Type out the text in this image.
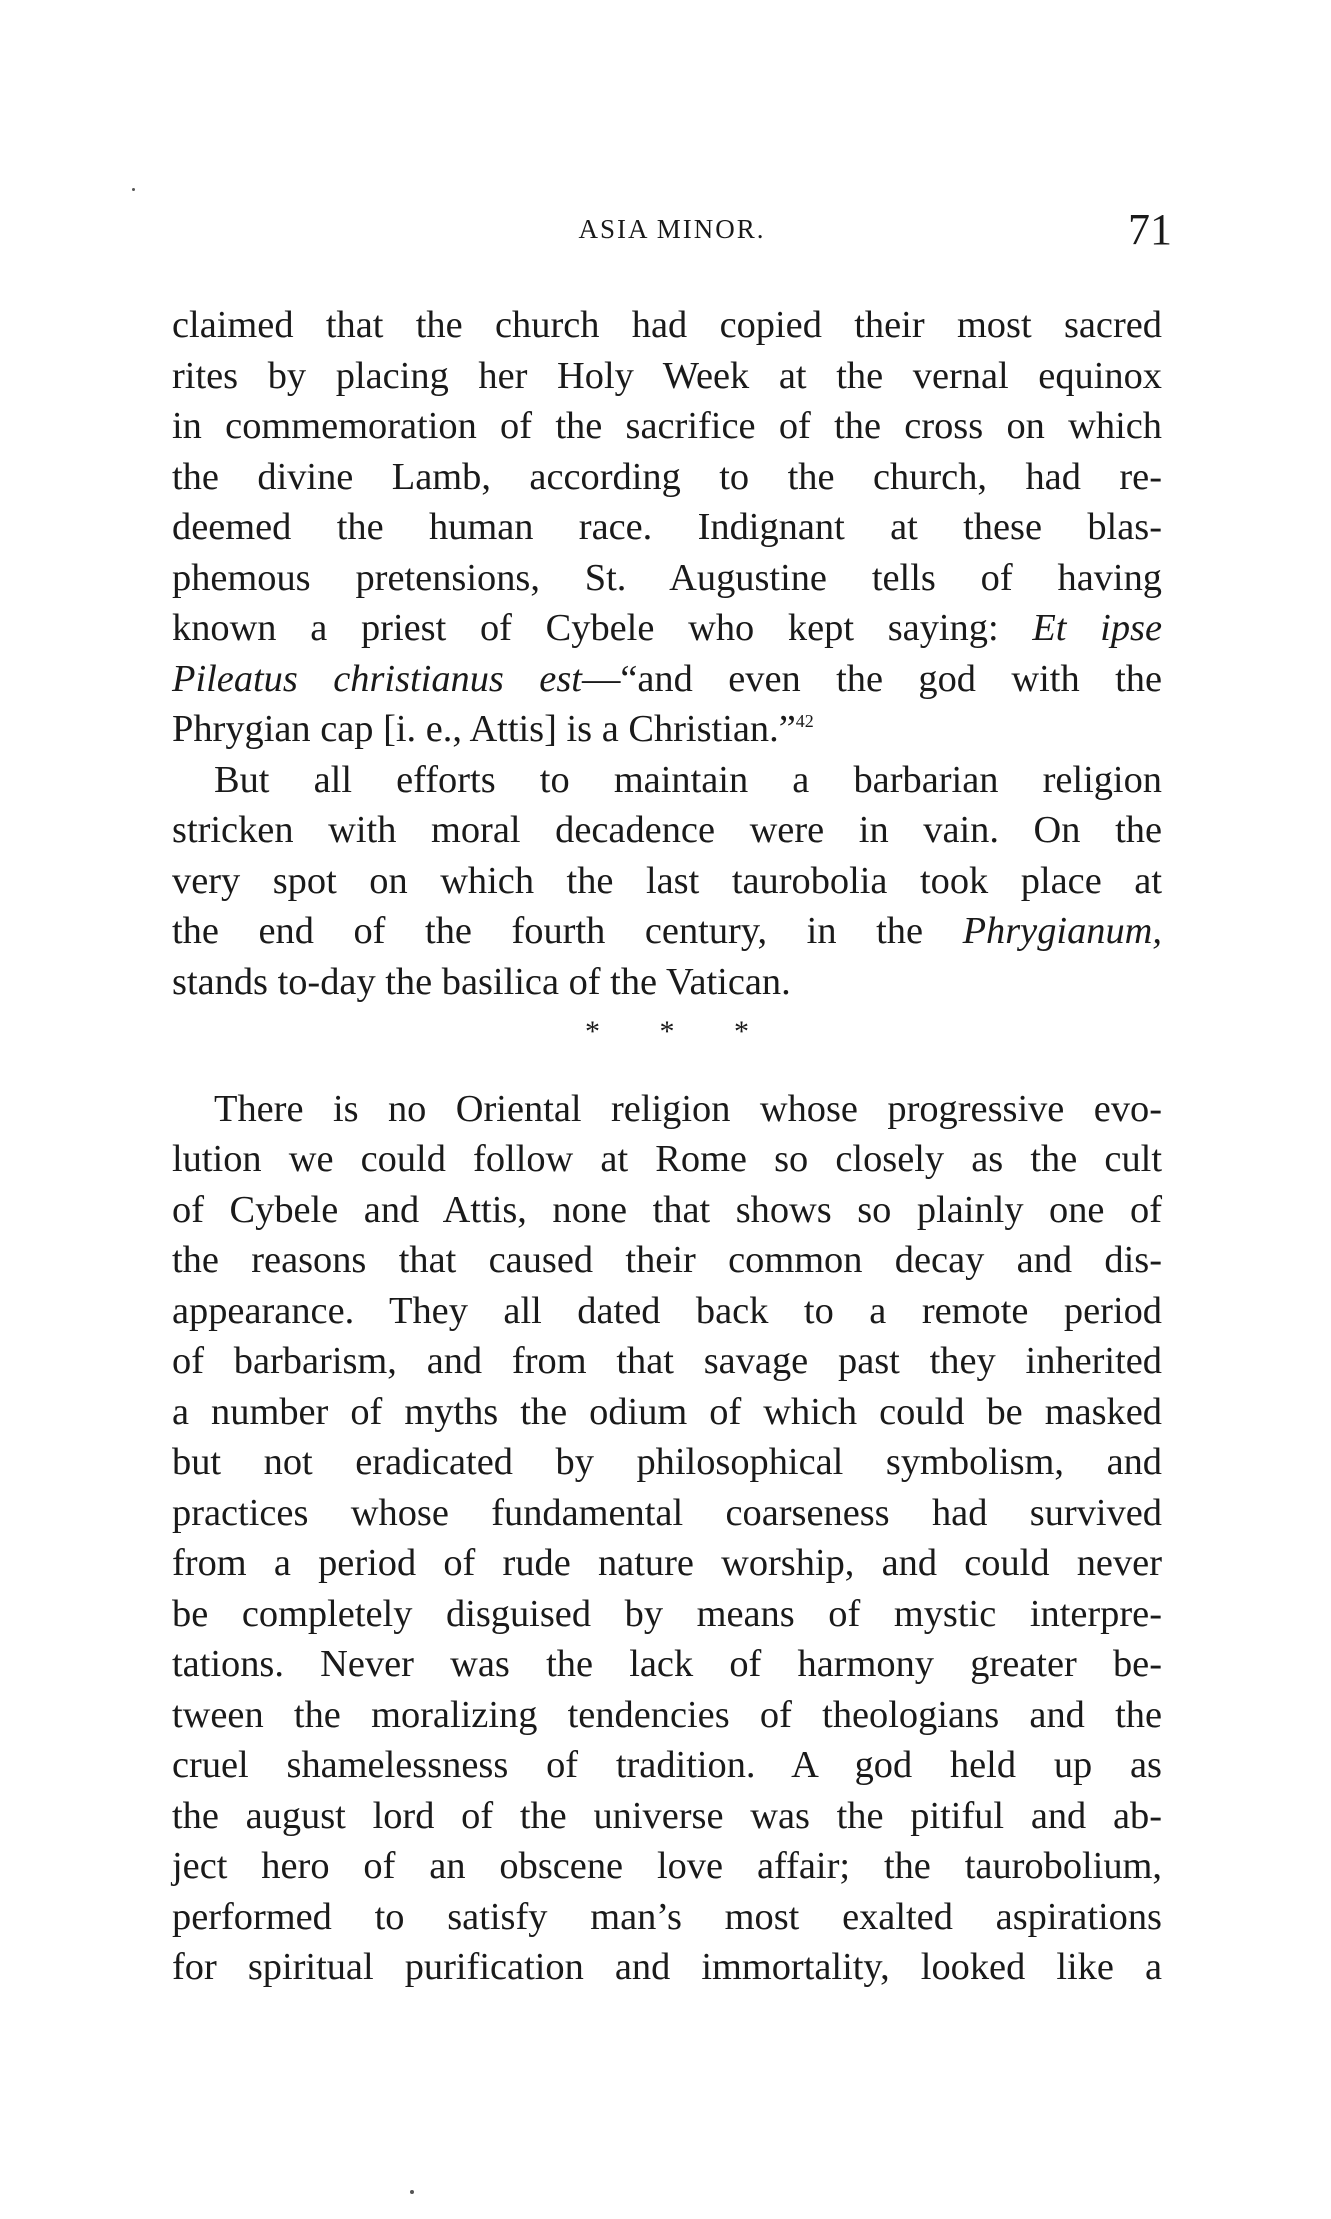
ASIA MINOR.	71
claimed that the church had copied their most sacred
rites by placing her Holy Week at the vernal equinox
in commemoration of the sacrifice of the cross on which
the divine Lamb, according to the church, had re-
deemed the human race. Indignant at these blas-
phemous pretensions, St. Augustine tells of having
known a priest of Cybele who kept saying: Et ipse
Pileatus christianus est—“and even the god with the
Phrygian cap [i. e., Attis] is a Christian.”$^{42}$
But all efforts to maintain a barbarian religion
stricken with moral decadence were in vain. On the
very spot on which the last taurobolia took place at
the end of the fourth century, in the Phrygianum,
stands to-day the basilica of the Vatican.
* * *
There is no Oriental religion whose progressive evo-
lution we could follow at Rome so closely as the cult
of Cybele and Attis, none that shows so plainly one of
the reasons that caused their common decay and dis-
appearance. They all dated back to a remote period
of barbarism, and from that savage past they inherited
a number of myths the odium of which could be masked
but not eradicated by philosophical symbolism, and
practices whose fundamental coarseness had survived
from a period of rude nature worship, and could never
be completely disguised by means of mystic interpre-
tations. Never was the lack of harmony greater be-
tween the moralizing tendencies of theologians and the
cruel shamelessness of tradition. A god held up as
the august lord of the universe was the pitiful and ab-
ject hero of an obscene love affair; the taurobolium,
performed to satisfy man’s most exalted aspirations
for spiritual purification and immortality, looked like a
